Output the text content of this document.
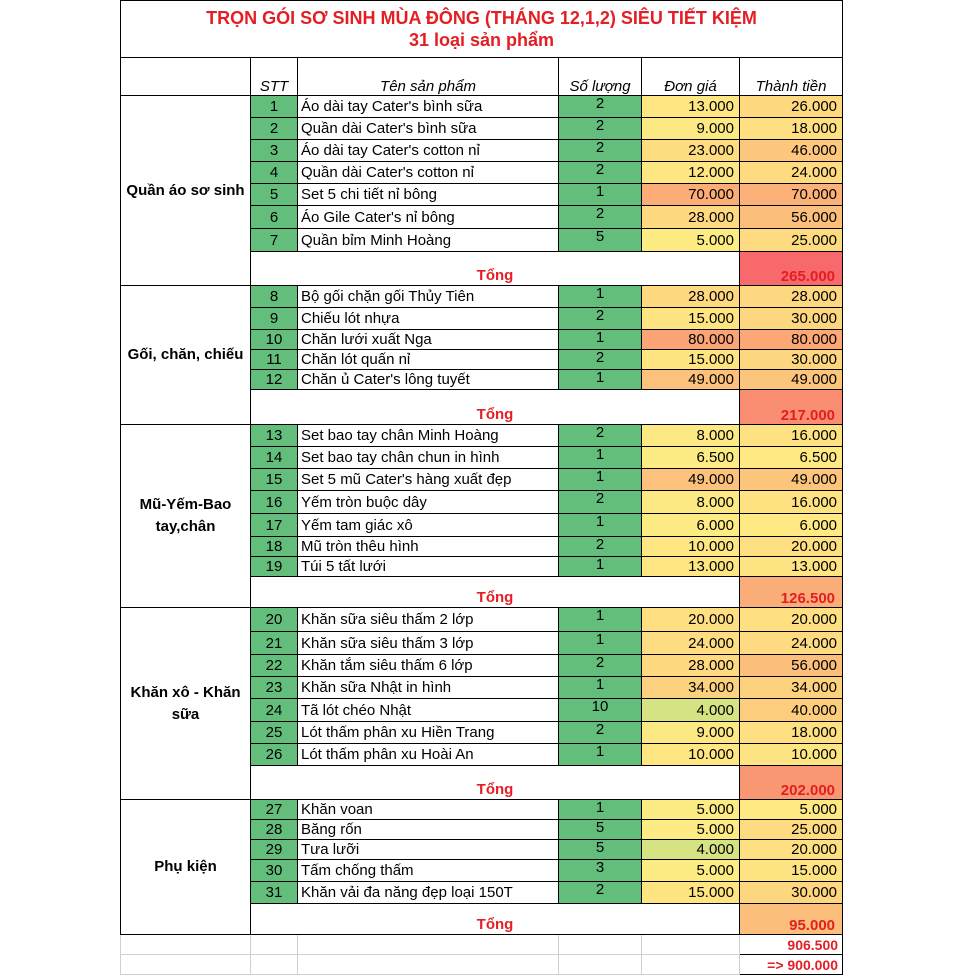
TRỌN GÓI SƠ SINH MÙA ĐÔNG (THÁNG 12,1,2) SIÊU TIẾT KIỆM
31 loại sản phẩm					

	STT	Tên sản phẩm	Số lượng	Đơn giá	Thành tiền
Quần áo sơ sinh	1	Áo dài tay Cater's bình sữa	2	13.000	26.000
	2	Quần dài Cater's bình sữa	2	9.000	18.000
	3	Áo dài tay Cater's cotton nỉ	2	23.000	46.000
	4	Quần dài Cater's cotton nỉ	2	12.000	24.000
	5	Set 5 chi tiết nỉ bông	1	70.000	70.000
	6	Áo Gile Cater's nỉ bông	2	28.000	56.000
	7	Quần bỉm Minh Hoàng	5	5.000	25.000
	Tổng				265.000
Gối, chăn, chiếu	8	Bộ gối chặn gối Thủy Tiên	1	28.000	28.000
	9	Chiếu lót nhựa	2	15.000	30.000
	10	Chăn lưới xuất Nga	1	80.000	80.000
	11	Chăn lót quấn nỉ	2	15.000	30.000
	12	Chăn ủ Cater's lông tuyết	1	49.000	49.000
	Tổng				217.000
Mũ-Yếm-Bao tay,chân	13	Set bao tay chân Minh Hoàng	2	8.000	16.000
	14	Set bao tay chân chun in hình	1	6.500	6.500
	15	Set 5 mũ Cater's hàng xuất đẹp	1	49.000	49.000
	16	Yếm tròn buộc dây	2	8.000	16.000
	17	Yếm tam giác xô	1	6.000	6.000
	18	Mũ tròn thêu hình	2	10.000	20.000
	19	Túi 5 tất lưới	1	13.000	13.000
	Tổng				126.500
Khăn xô - Khăn sữa	20	Khăn sữa siêu thấm 2 lớp	1	20.000	20.000
	21	Khăn sữa siêu thấm 3 lớp	1	24.000	24.000
	22	Khăn tắm siêu thấm 6 lớp	2	28.000	56.000
	23	Khăn sữa Nhật in hình	1	34.000	34.000
	24	Tã lót chéo Nhật	10	4.000	40.000
	25	Lót thấm phân xu Hiền Trang	2	9.000	18.000
	26	Lót thấm phân xu Hoài An	1	10.000	10.000
	Tổng				202.000
Phụ kiện	27	Khăn voan	1	5.000	5.000
	28	Băng rốn	5	5.000	25.000
	29	Tưa lưỡi	5	4.000	20.000
	30	Tấm chống thấm	3	5.000	15.000
	31	Khăn vải đa năng đẹp loại 150T	2	15.000	30.000
	Tổng				95.000
					906.500
					=> 900.000
